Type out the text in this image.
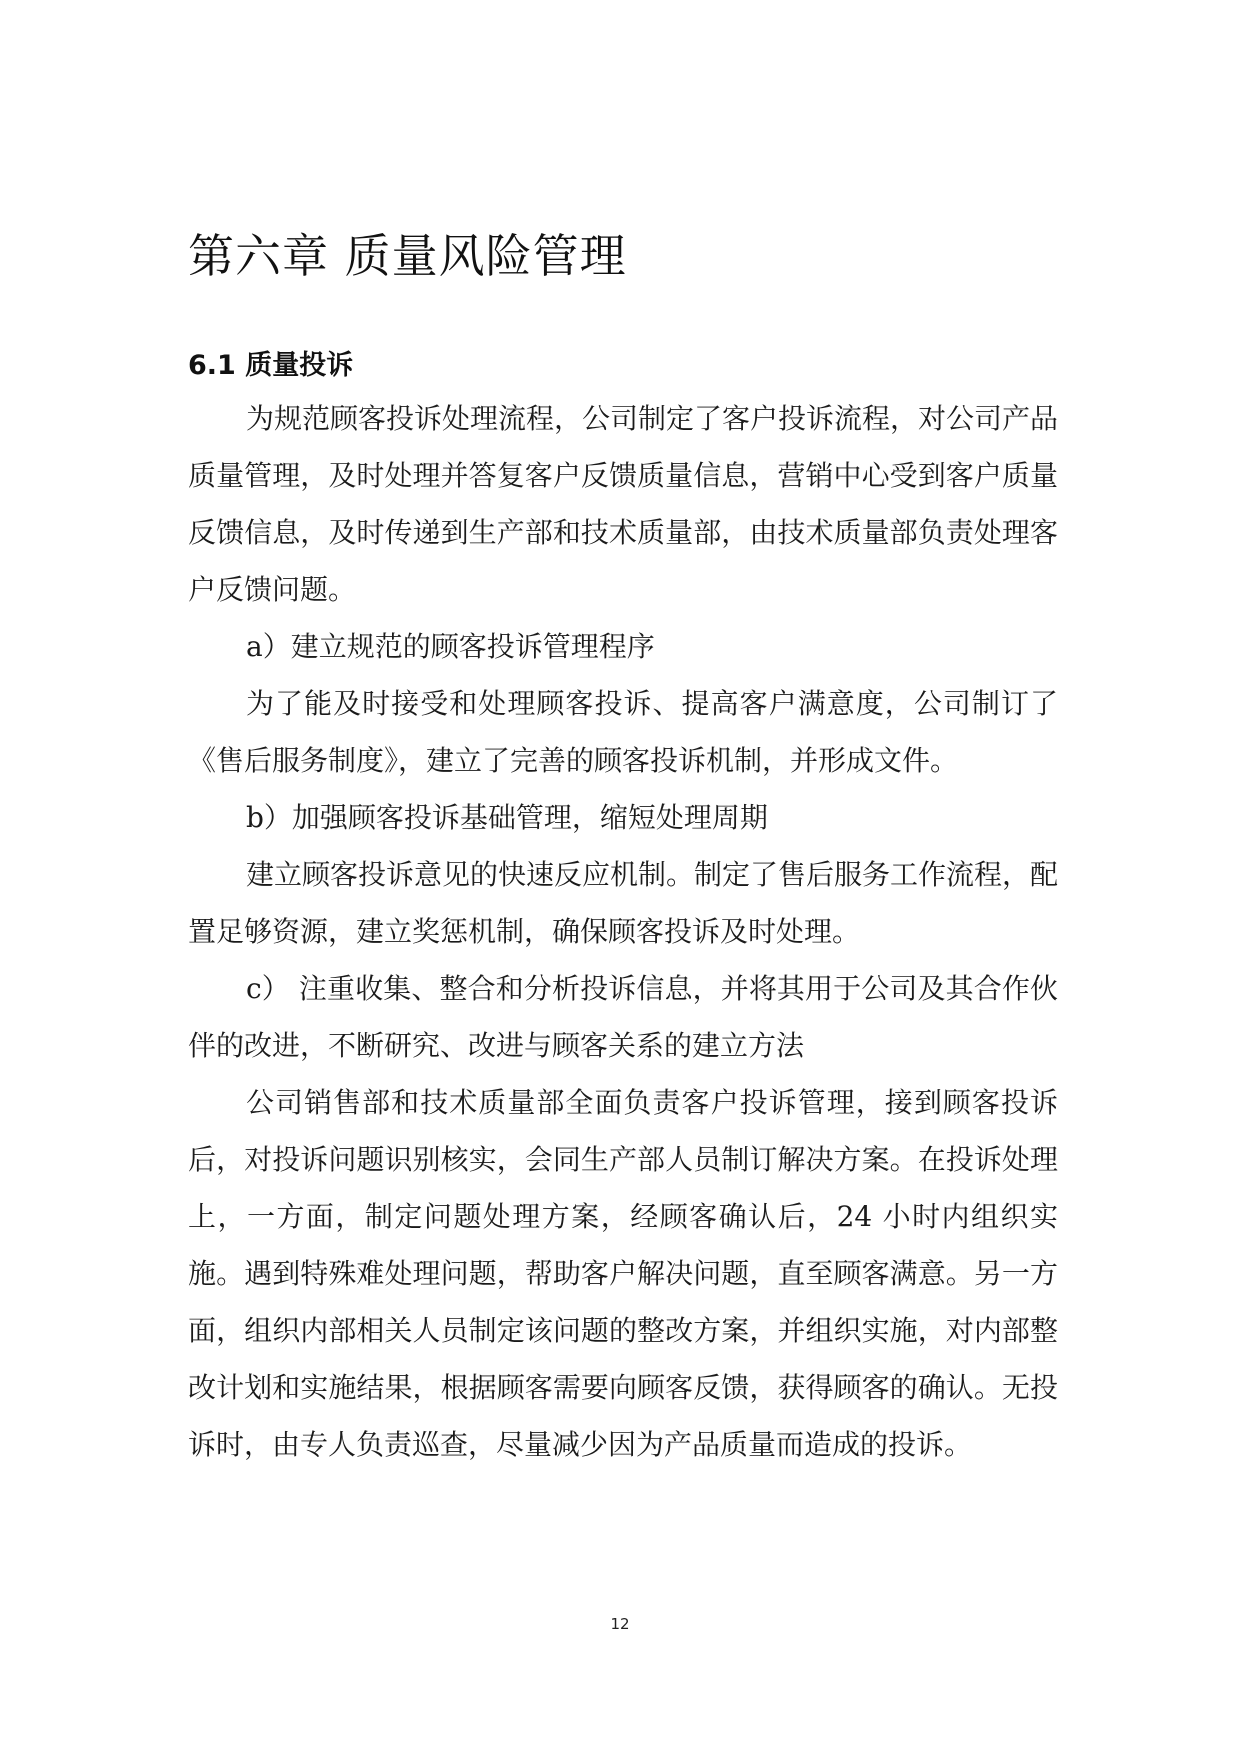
第六章 质量风险管理
6.1 质量投诉

为规范顾客投诉处理流程，公司制定了客户投诉流程，对公司产品质量管理，及时处理并答复客户反馈质量信息，营销中心受到客户质量反馈信息，及时传递到生产部和技术质量部，由技术质量部负责处理客户反馈问题。

a）建立规范的顾客投诉管理程序

为了能及时接受和处理顾客投诉、提高客户满意度，公司制订了《售后服务制度》，建立了完善的顾客投诉机制，并形成文件。

b）加强顾客投诉基础管理，缩短处理周期

建立顾客投诉意见的快速反应机制。制定了售后服务工作流程，配置足够资源，建立奖惩机制，确保顾客投诉及时处理。

c） 注重收集、整合和分析投诉信息，并将其用于公司及其合作伙伴的改进，不断研究、改进与顾客关系的建立方法

公司销售部和技术质量部全面负责客户投诉管理，接到顾客投诉后，对投诉问题识别核实，会同生产部人员制订解决方案。在投诉处理上，一方面，制定问题处理方案，经顾客确认后，24 小时内组织实施。遇到特殊难处理问题，帮助客户解决问题，直至顾客满意。另一方面，组织内部相关人员制定该问题的整改方案，并组织实施，对内部整改计划和实施结果，根据顾客需要向顾客反馈，获得顾客的确认。无投诉时，由专人负责巡查，尽量减少因为产品质量而造成的投诉。

12
